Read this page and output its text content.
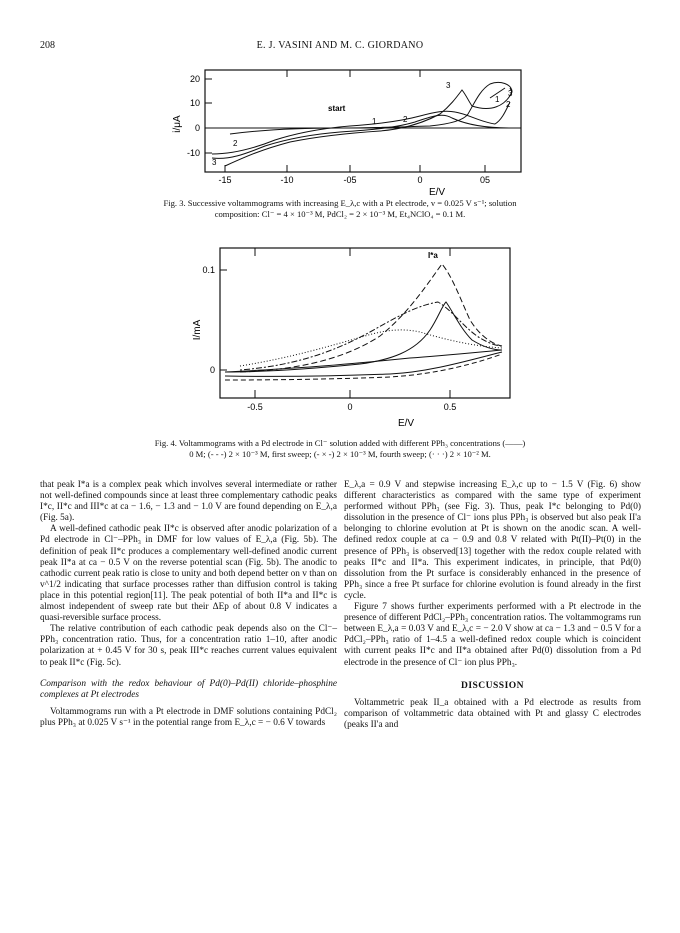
208	E. J. VASINI AND M. C. GIORDANO
20
10
0
-10
i/μA
-15	-10	-05	0	05
E/V
start
1	2
3
1
2
3
2
3
Fig. 3. Successive voltammograms with increasing E_λ,c with a Pt electrode, v = 0.025 V s⁻¹; solution
composition: Cl⁻ = 4 × 10⁻³ M, PdCl₂ = 2 × 10⁻³ M, Et₄NClO₄ = 0.1 M.
0.1
0
I/mA
-0.5	0	0.5
E/V
I*a
Fig. 4. Voltammograms with a Pd electrode in Cl⁻ solution added with different PPh₃ concentrations (——)
0 M; (- - -) 2 × 10⁻³ M, first sweep; (- × -) 2 × 10⁻³ M, fourth sweep; (· · ·) 2 × 10⁻² M.

that peak I*a is a complex peak which involves several intermediate or rather not well-defined compounds since at least three complementary cathodic peaks I*c, II*c and III*c at ca − 1.6, − 1.3 and − 1.0 V are found depending on E_λ,a (Fig. 5a).

A well-defined cathodic peak II*c is observed after anodic polarization of a Pd electrode in Cl⁻–PPh₃ in DMF for low values of E_λ,a (Fig. 5b). The definition of peak II*c produces a complementary well-defined anodic current peak II*a at ca − 0.5 V on the reverse potential scan (Fig. 5b). The anodic to cathodic current peak ratio is close to unity and both depend better on v than on v^1/2 indicating that surface processes rather than diffusion control is taking place in this potential region[11]. The peak potential of both II*a and II*c is almost independent of sweep rate but their ΔEp of about 0.8 V indicates a quasi-reversible surface process.

The relative contribution of each cathodic peak depends also on the Cl⁻–PPh₃ concentration ratio. Thus, for a concentration ratio 1–10, after anodic polarization at + 0.45 V for 30 s, peak III*c reaches current values equivalent to peak II*c (Fig. 5c).

Comparison with the redox behaviour of Pd(0)–Pd(II) chloride–phosphine complexes at Pt electrodes

Voltammograms run with a Pt electrode in DMF solutions containing PdCl₂ plus PPh₃ at 0.025 V s⁻¹ in the potential range from E_λ,c = − 0.6 V towards

E_λ,a = 0.9 V and stepwise increasing E_λ,c up to − 1.5 V (Fig. 6) show different characteristics as compared with the same type of experiment performed without PPh₃ (see Fig. 3). Thus, peak I*c belonging to Pd(0) dissolution in the presence of Cl⁻ ions plus PPh₃ is observed but also peak II'a belonging to chlorine evolution at Pt is shown on the anodic scan. A well-defined redox couple at ca − 0.9 and 0.8 V related with Pt(II)–Pt(0) in the presence of PPh₃ is observed[13] together with the redox couple related with peaks II*c and II*a. This experiment indicates, in principle, that Pd(0) dissolution from the Pt surface is considerably enhanced in the presence of PPh₃ since a free Pt surface for chlorine evolution is found already in the first cycle.

Figure 7 shows further experiments performed with a Pt electrode in the presence of different PdCl₂–PPh₃ concentration ratios. The voltammograms run between E_λ,a = 0.03 V and E_λ,c = − 2.0 V show at ca − 1.3 and − 0.5 V for a PdCl₂–PPh₃ ratio of 1–4.5 a well-defined redox couple which is coincident with current peaks II*c and II*a obtained after Pd(0) dissolution from a Pd electrode in the presence of Cl⁻ ion plus PPh₃.

DISCUSSION

Voltammetric peak II_a obtained with a Pd electrode as results from comparison of voltammetric data obtained with Pt and glassy C electrodes (peaks II'a and
